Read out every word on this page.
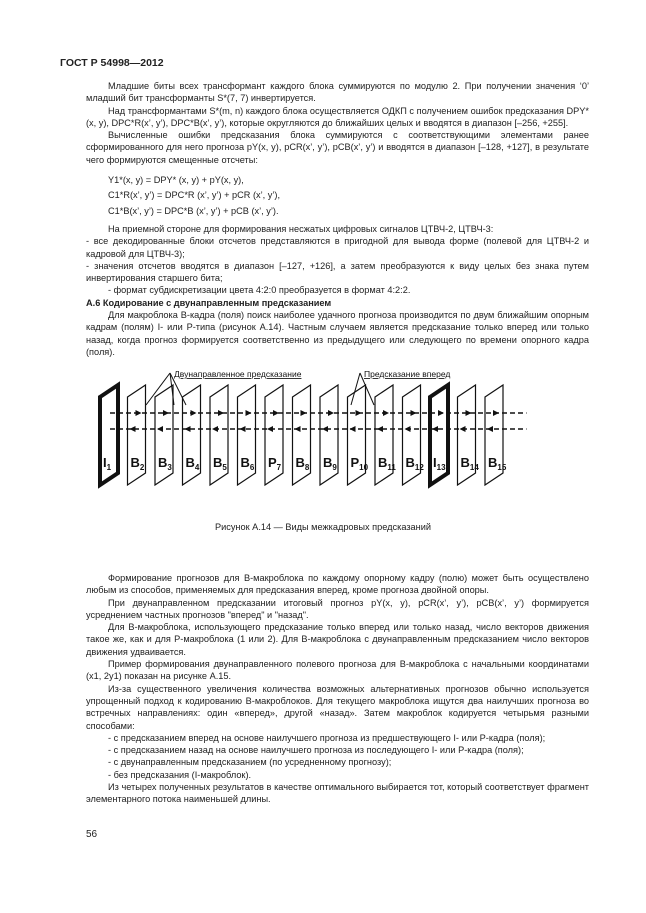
ГОСТ Р 54998—2012

Младшие биты всех трансформант каждого блока суммируются по модулю 2. При получении значения ‘0’ младший бит трансформанты S*(7, 7) инвертируется.

Над трансформантами S*(m, n) каждого блока осуществляется ОДКП с получением ошибок предсказания DPY*(x, y), DPC*R(x’, y’), DPC*B(x’, y’), которые округляются до ближайших целых и вводятся в диапазон [–256, +255].

Вычисленные ошибки предсказания блока суммируются с соответствующими элементами ранее сформированного для него прогноза pY(x, y), pCR(x’, y’), pCB(x’, y’) и вводятся в диапазон [–128, +127], в результате чего формируются смещенные отсчеты:

Y1*(x, y) = DPY* (x, y) + pY(x, y),

C1*R(x’, y’) = DPC*R (x’, y’) + pCR (x’, y’),

C1*B(x’, y’) = DPC*B (x’, y’) + pCB (x’, y’).

На приемной стороне для формирования несжатых цифровых сигналов ЦТВЧ-2, ЦТВЧ-3:

- все декодированные блоки отсчетов представляются в пригодной для вывода форме (полевой для ЦТВЧ-2 и кадровой для ЦТВЧ-3);

- значения отсчетов вводятся в диапазон [–127, +126], а затем преобразуются к виду целых без знака путем инвертирования старшего бита;

- формат субдискретизации цвета 4:2:0 преобразуется в формат 4:2:2.

А.6 Кодирование с двунаправленным предсказанием

Для макроблока B-кадра (поля) поиск наиболее удачного прогноза производится по двум ближайшим опорным кадрам (полям) I- или P-типа (рисунок А.14). Частным случаем является предсказание только вперед или только назад, когда прогноз формируется соответственно из предыдущего или следующего по времени опорного кадра (поля).

$I_1$ $B_2$ $B_3$ $B_4$ $B_5$ $B_6$ $P_7$ $B_8$ $B_9$ $P_{10}$ $B_{11}$ $B_{12}$ $I_{13}$ $B_{14}$ $B_{15}$
Двунаправленное предсказание	Предсказание вперед
Рисунок А.14 — Виды межкадровых предсказаний

Формирование прогнозов для B-макроблока по каждому опорному кадру (полю) может быть осуществлено любым из способов, применяемых для предсказания вперед, кроме прогноза двойной опоры.

При двунаправленном предсказании итоговый прогноз pY(x, y), pCR(x’, y’), pCB(x’, y’) формируется усреднением частных прогнозов "вперед" и "назад".

Для B-макроблока, использующего предсказание только вперед или только назад, число векторов движения такое же, как и для P-макроблока (1 или 2). Для B-макроблока с двунаправленным предсказанием число векторов движения удваивается.

Пример формирования двунаправленного полевого прогноза для B-макроблока с начальными координатами (x1, 2y1) показан на рисунке А.15.

Из-за существенного увеличения количества возможных альтернативных прогнозов обычно используется упрощенный подход к кодированию B-макроблоков. Для текущего макроблока ищутся два наилучших прогноза во встречных направлениях: один «вперед», другой «назад». Затем макроблок кодируется четырьмя разными способами:

- с предсказанием вперед на основе наилучшего прогноза из предшествующего I- или P-кадра (поля);

- с предсказанием назад на основе наилучшего прогноза из последующего I- или P-кадра (поля);

- с двунаправленным предсказанием (по усредненному прогнозу);

- без предсказания (I-макроблок).

Из четырех полученных результатов в качестве оптимального выбирается тот, который соответствует фрагмент элементарного потока наименьшей длины.

56
